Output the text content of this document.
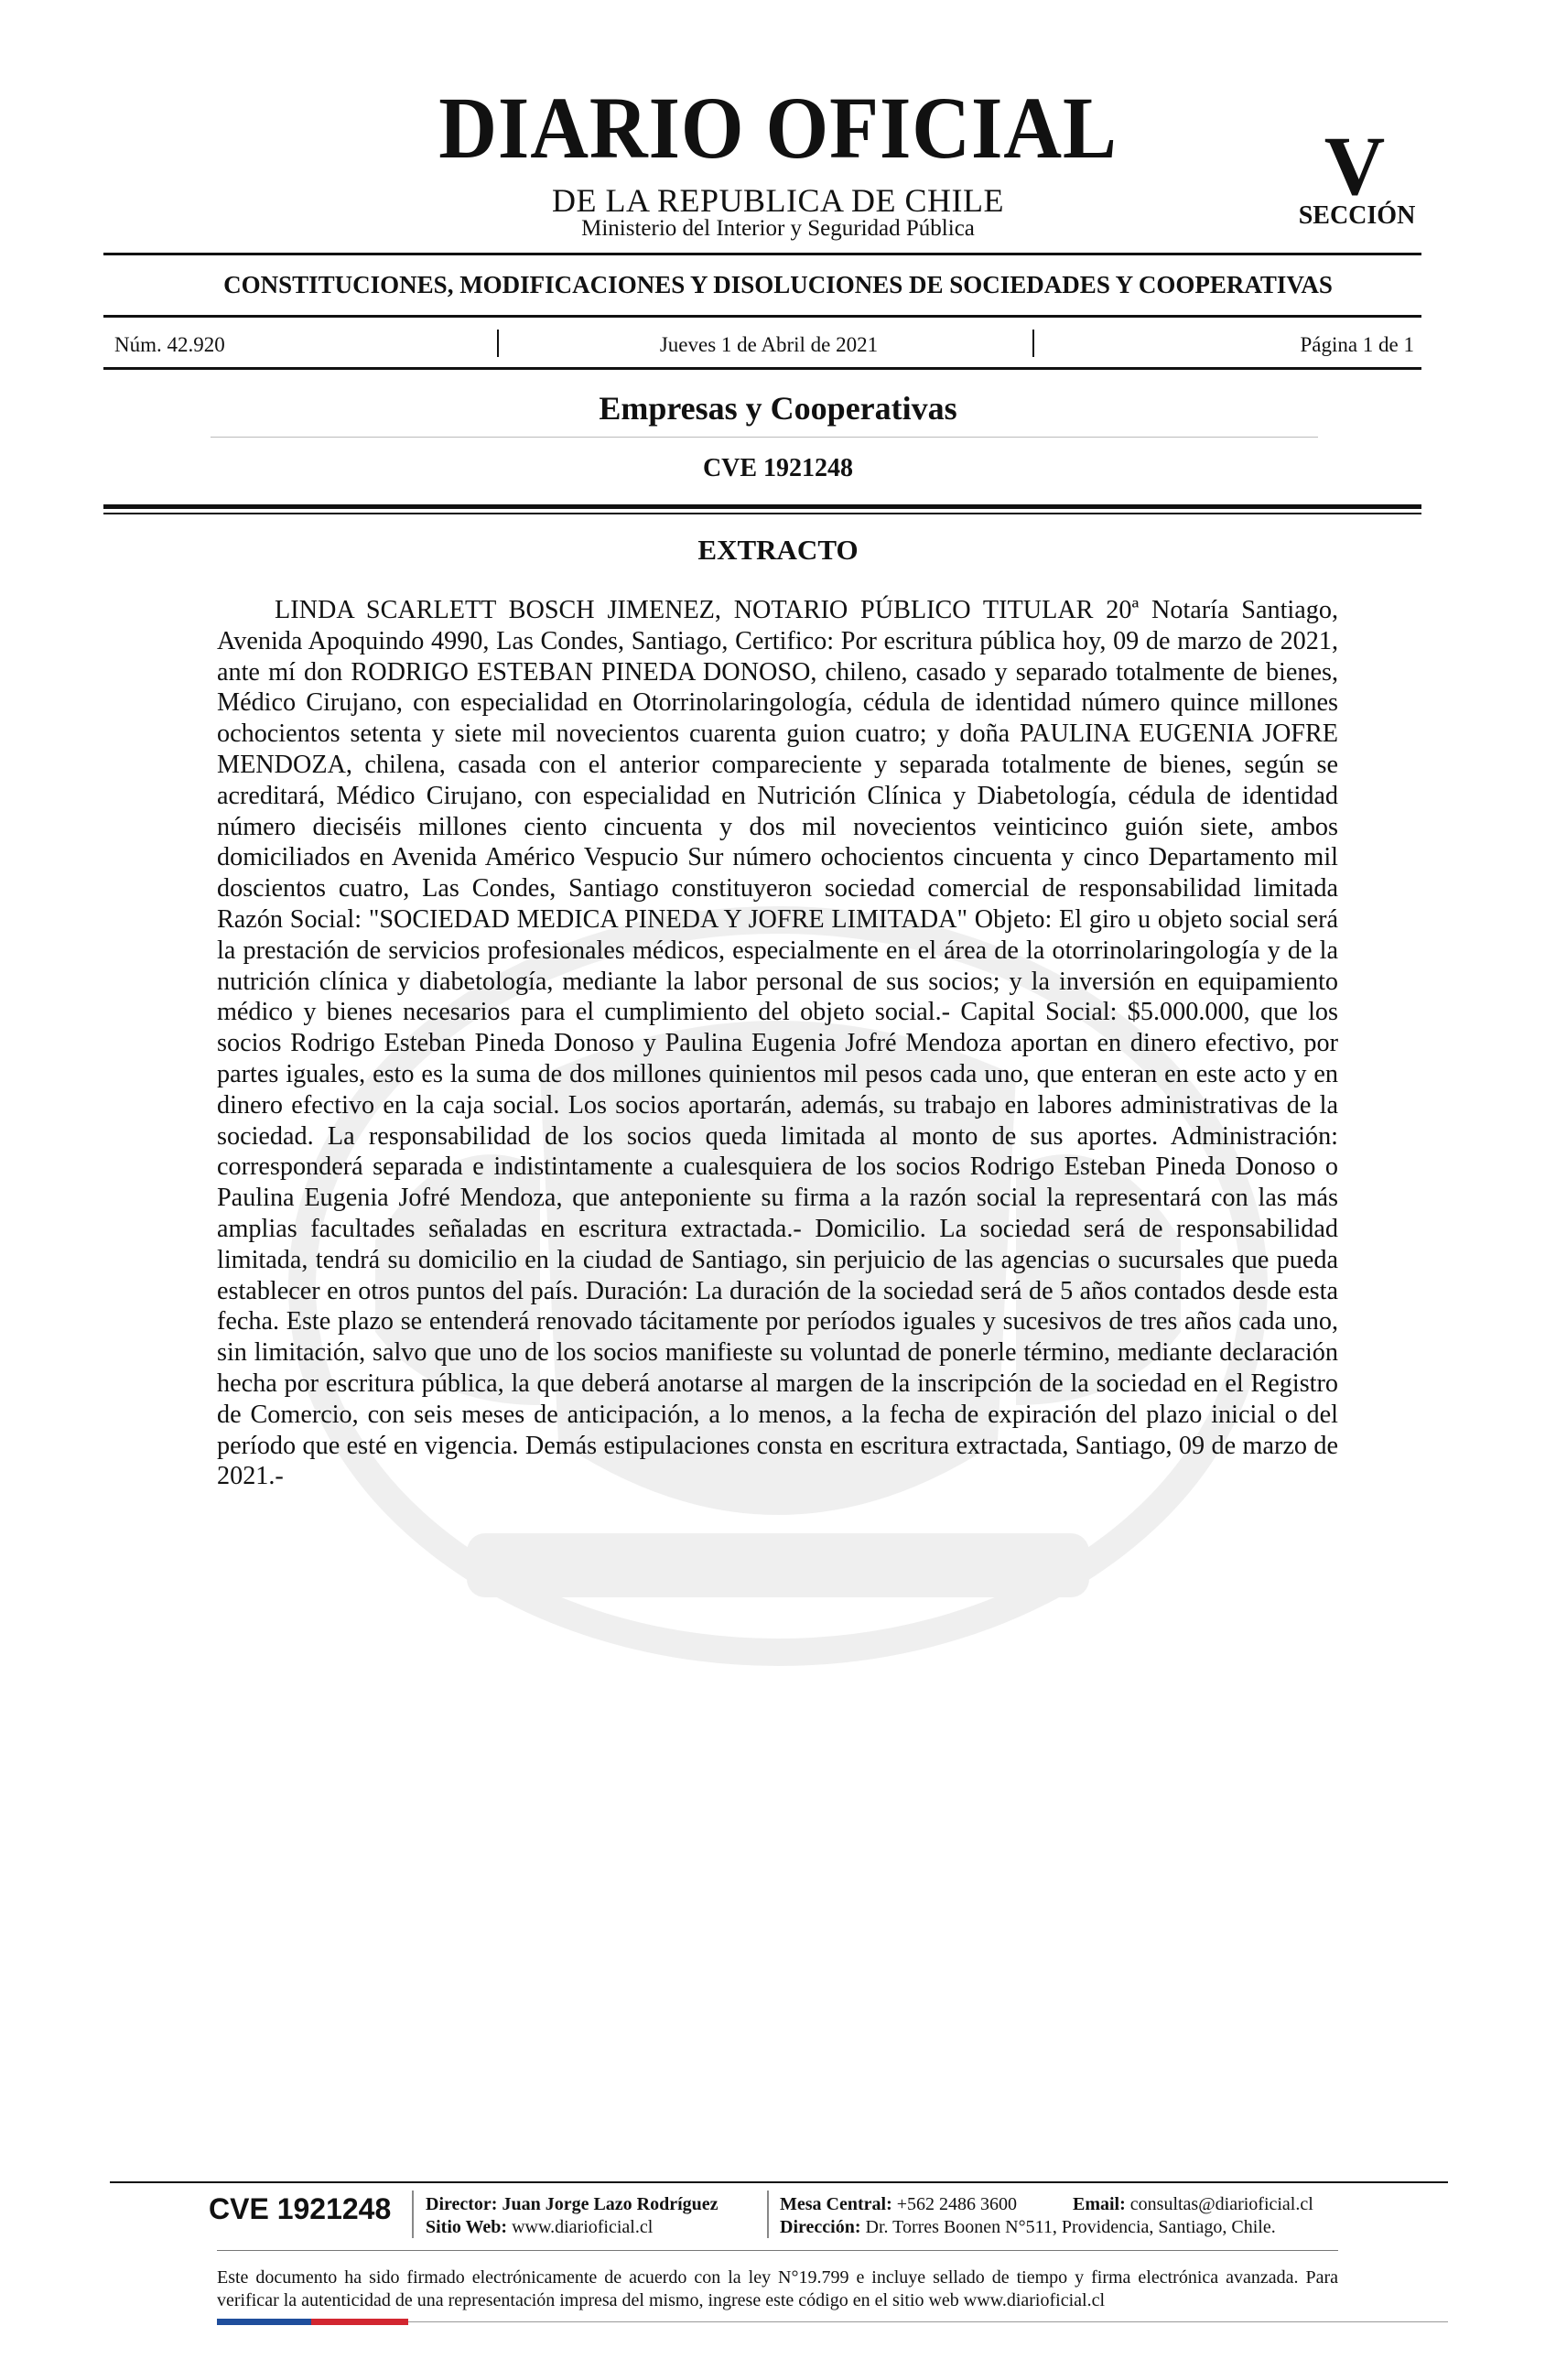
DIARIO OFICIAL
DE LA REPUBLICA DE CHILE
Ministerio del Interior y Seguridad Pública
V
SECCIÓN
CONSTITUCIONES, MODIFICACIONES Y DISOLUCIONES DE SOCIEDADES Y COOPERATIVAS
Núm. 42.920	Jueves 1 de Abril de 2021	Página 1 de 1
Empresas y Cooperativas
CVE 1921248
EXTRACTO

LINDA SCARLETT BOSCH JIMENEZ, NOTARIO PÚBLICO TITULAR 20ª Notaría Santiago, Avenida Apoquindo 4990, Las Condes, Santiago, Certifico: Por escritura pública hoy, 09 de marzo de 2021, ante mí don RODRIGO ESTEBAN PINEDA DONOSO, chileno, casado y separado totalmente de bienes, Médico Cirujano, con especialidad en Otorrinolaringología, cédula de identidad número quince millones ochocientos setenta y siete mil novecientos cuarenta guion cuatro; y doña PAULINA EUGENIA JOFRE MENDOZA, chilena, casada con el anterior compareciente y separada totalmente de bienes, según se acreditará, Médico Cirujano, con especialidad en Nutrición Clínica y Diabetología, cédula de identidad número dieciséis millones ciento cincuenta y dos mil novecientos veinticinco guión siete, ambos domiciliados en Avenida Américo Vespucio Sur número ochocientos cincuenta y cinco Departamento mil doscientos cuatro, Las Condes, Santiago constituyeron sociedad comercial de responsabilidad limitada Razón Social: "SOCIEDAD MEDICA PINEDA Y JOFRE LIMITADA" Objeto: El giro u objeto social será la prestación de servicios profesionales médicos, especialmente en el área de la otorrinolaringología y de la nutrición clínica y diabetología, mediante la labor personal de sus socios; y la inversión en equipamiento médico y bienes necesarios para el cumplimiento del objeto social.- Capital Social: $5.000.000, que los socios Rodrigo Esteban Pineda Donoso y Paulina Eugenia Jofré Mendoza aportan en dinero efectivo, por partes iguales, esto es la suma de dos millones quinientos mil pesos cada uno, que enteran en este acto y en dinero efectivo en la caja social. Los socios aportarán, además, su trabajo en labores administrativas de la sociedad. La responsabilidad de los socios queda limitada al monto de sus aportes. Administración: corresponderá separada e indistintamente a cualesquiera de los socios Rodrigo Esteban Pineda Donoso o Paulina Eugenia Jofré Mendoza, que anteponiente su firma a la razón social la representará con las más amplias facultades señaladas en escritura extractada.- Domicilio. La sociedad será de responsabilidad limitada, tendrá su domicilio en la ciudad de Santiago, sin perjuicio de las agencias o sucursales que pueda establecer en otros puntos del país. Duración: La duración de la sociedad será de 5 años contados desde esta fecha. Este plazo se entenderá renovado tácitamente por períodos iguales y sucesivos de tres años cada uno, sin limitación, salvo que uno de los socios manifieste su voluntad de ponerle término, mediante declaración hecha por escritura pública, la que deberá anotarse al margen de la inscripción de la sociedad en el Registro de Comercio, con seis meses de anticipación, a lo menos, a la fecha de expiración del plazo inicial o del período que esté en vigencia. Demás estipulaciones consta en escritura extractada, Santiago, 09 de marzo de 2021.-

CVE 1921248 Director: Juan Jorge Lazo Rodríguez
Sitio Web: www.diarioficial.cl
Mesa Central: +562 2486 3600	Email: consultas@diarioficial.cl
Dirección: Dr. Torres Boonen N°511, Providencia, Santiago, Chile.

Este documento ha sido firmado electrónicamente de acuerdo con la ley N°19.799 e incluye sellado de tiempo y firma electrónica avanzada. Para verificar la autenticidad de una representación impresa del mismo, ingrese este código en el sitio web www.diarioficial.cl
